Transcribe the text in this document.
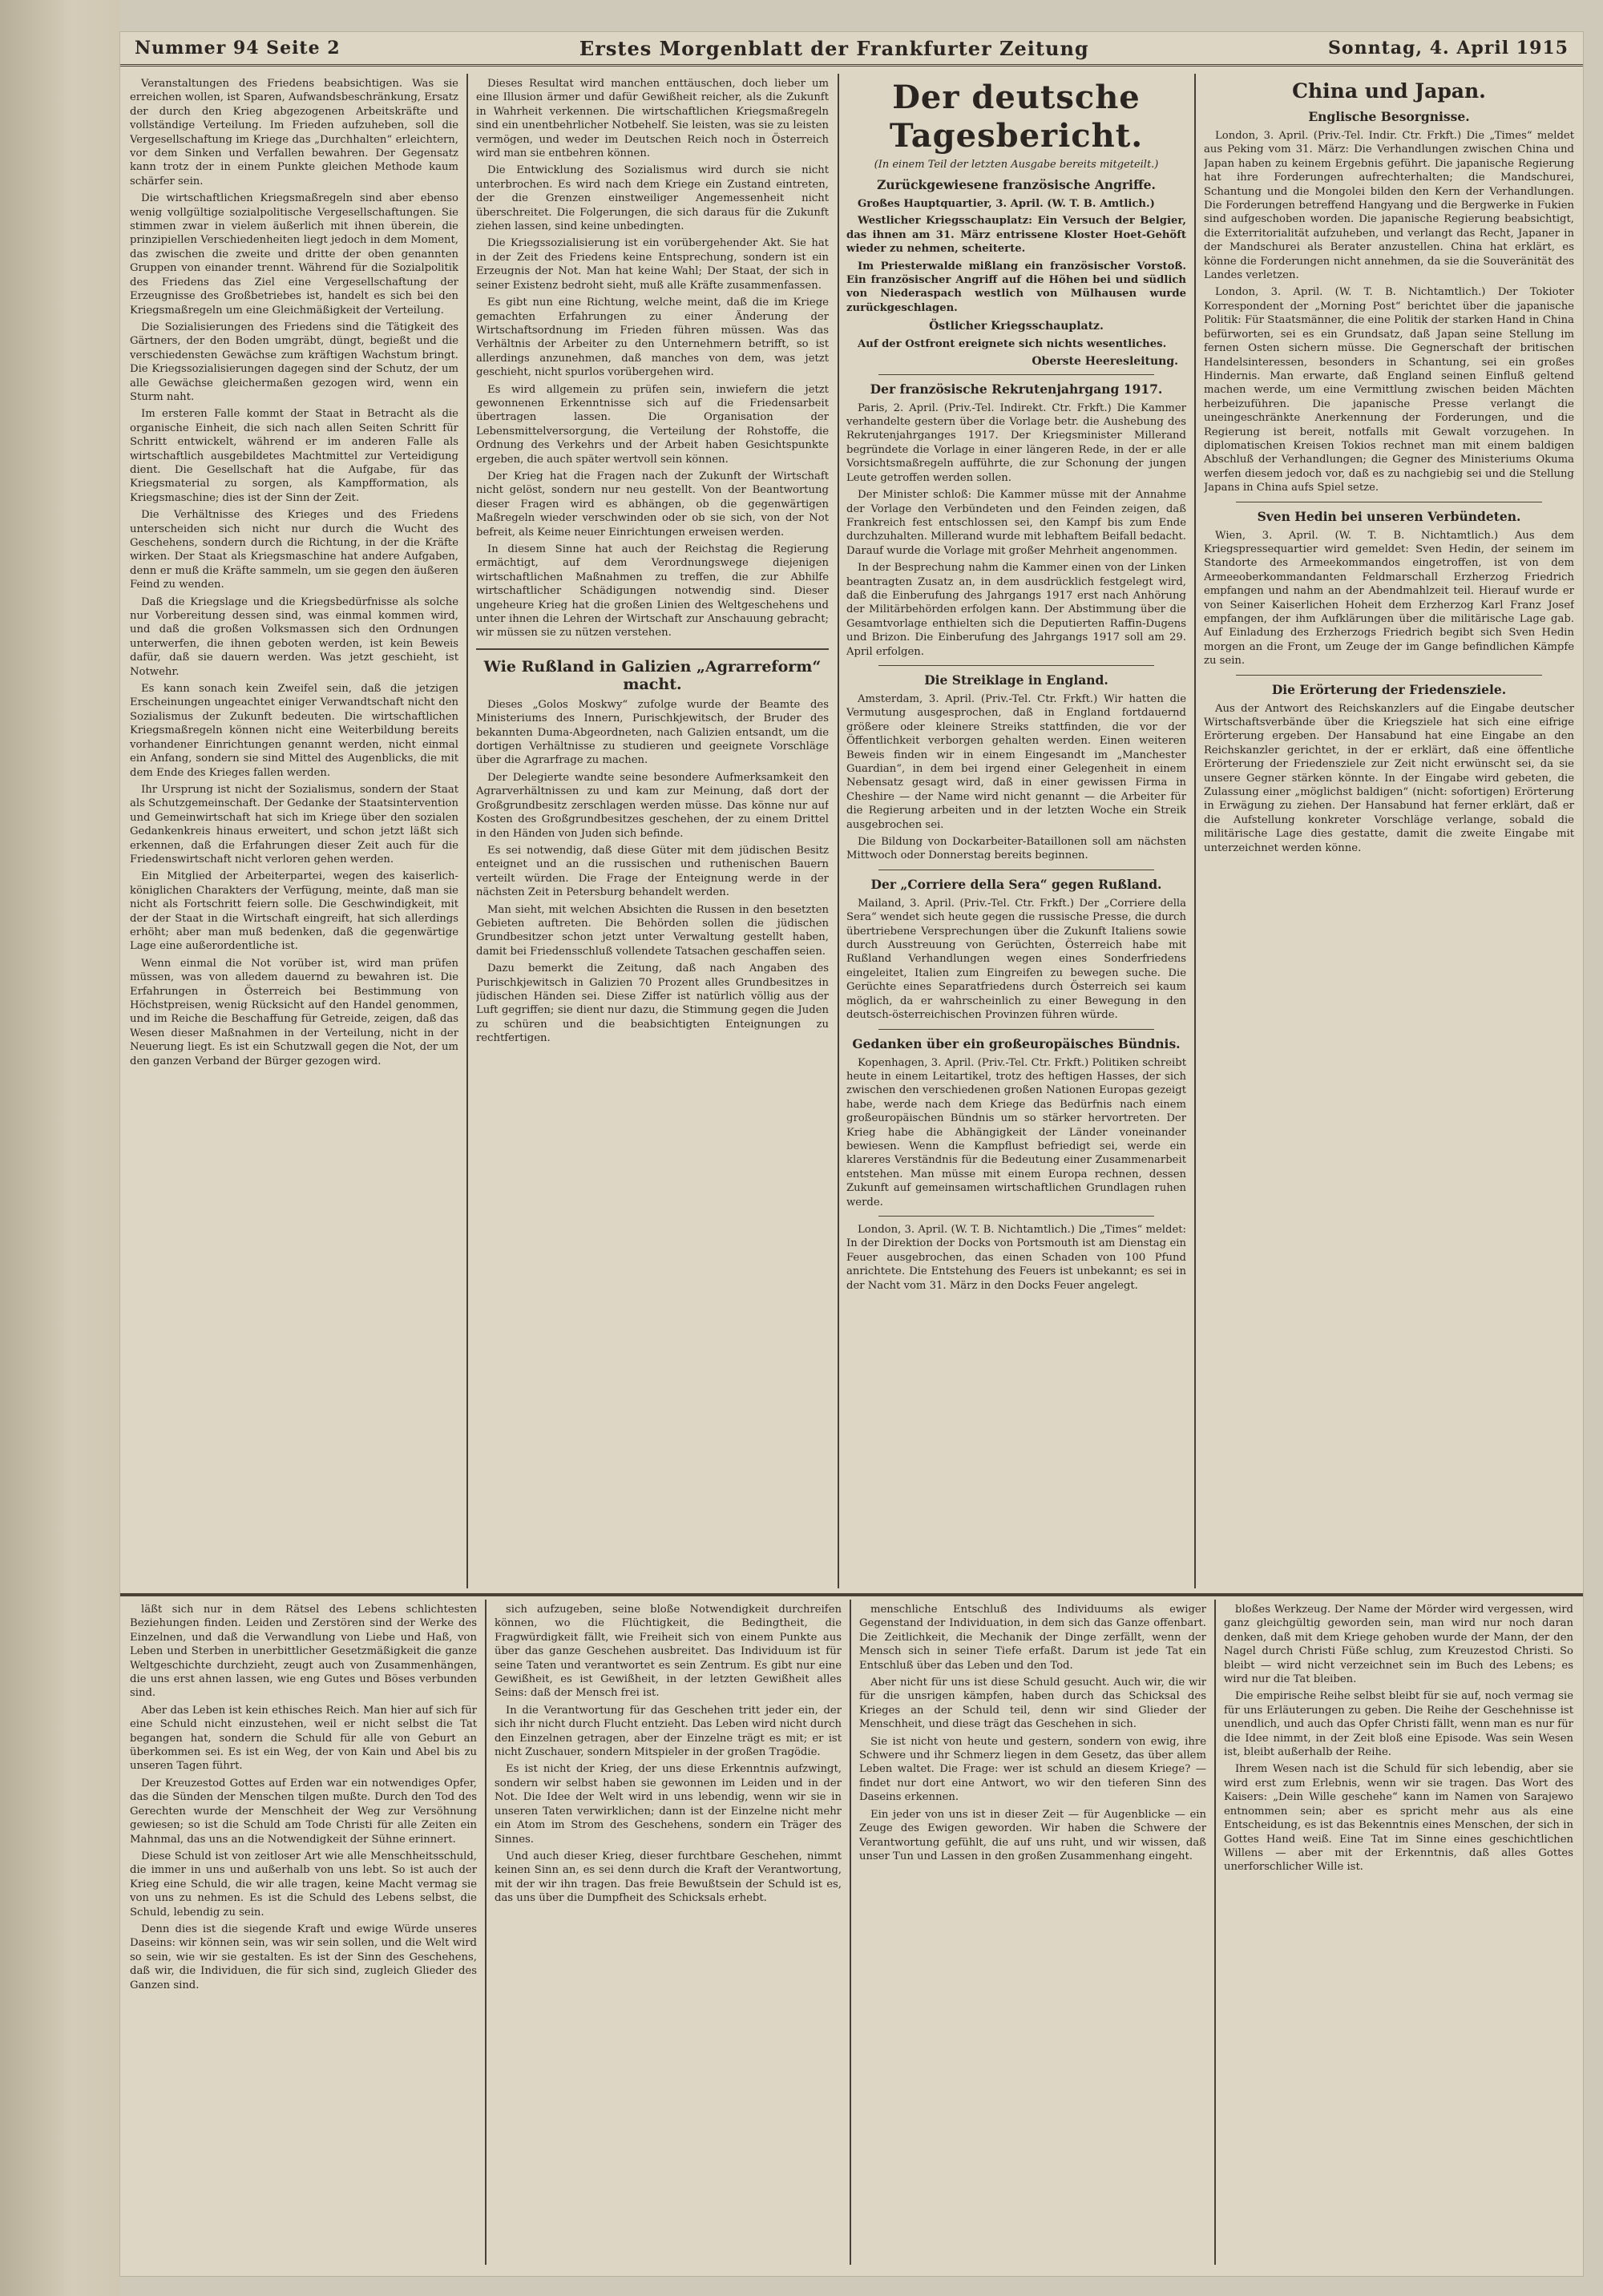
Nummer 94 Seite 2	Erstes Morgenblatt der Frankfurter Zeitung	Sonntag, 4. April 1915

Veranstaltungen des Friedens beabsichtigen. Was sie erreichen wollen, ist Sparen, Aufwandsbeschränkung, Ersatz der durch den Krieg abgezogenen Arbeitskräfte und vollständige Verteilung. Im Frieden aufzuheben, soll die Vergesellschaftung im Kriege das „Durchhalten“ erleichtern, vor dem Sinken und Verfallen bewahren. Der Gegensatz kann trotz der in einem Punkte gleichen Methode kaum schärfer sein.

Die wirtschaftlichen Kriegsmaßregeln sind aber ebenso wenig vollgültige sozialpolitische Vergesellschaftungen. Sie stimmen zwar in vielem äußerlich mit ihnen überein, die prinzipiellen Verschiedenheiten liegt jedoch in dem Moment, das zwischen die zweite und dritte der oben genannten Gruppen von einander trennt. Während für die Sozialpolitik des Friedens das Ziel eine Vergesellschaftung der Erzeugnisse des Großbetriebes ist, handelt es sich bei den Kriegsmaßregeln um eine Gleichmäßigkeit der Verteilung.

Die Sozialisierungen des Friedens sind die Tätigkeit des Gärtners, der den Boden umgräbt, düngt, begießt und die verschiedensten Gewächse zum kräftigen Wachstum bringt. Die Kriegssozialisierungen dagegen sind der Schutz, der um alle Gewächse gleichermaßen gezogen wird, wenn ein Sturm naht.

Im ersteren Falle kommt der Staat in Betracht als die organische Einheit, die sich nach allen Seiten Schritt für Schritt entwickelt, während er im anderen Falle als wirtschaftlich ausgebildetes Machtmittel zur Verteidigung dient. Die Gesellschaft hat die Aufgabe, für das Kriegsmaterial zu sorgen, als Kampfformation, als Kriegsmaschine; dies ist der Sinn der Zeit.

Die Verhältnisse des Krieges und des Friedens unterscheiden sich nicht nur durch die Wucht des Geschehens, sondern durch die Richtung, in der die Kräfte wirken. Der Staat als Kriegsmaschine hat andere Aufgaben, denn er muß die Kräfte sammeln, um sie gegen den äußeren Feind zu wenden.

Daß die Kriegslage und die Kriegsbedürfnisse als solche nur Vorbereitung dessen sind, was einmal kommen wird, und daß die großen Volksmassen sich den Ordnungen unterwerfen, die ihnen geboten werden, ist kein Beweis dafür, daß sie dauern werden. Was jetzt geschieht, ist Notwehr.

Es kann sonach kein Zweifel sein, daß die jetzigen Erscheinungen ungeachtet einiger Verwandtschaft nicht den Sozialismus der Zukunft bedeuten. Die wirtschaftlichen Kriegsmaßregeln können nicht eine Weiterbildung bereits vorhandener Einrichtungen genannt werden, nicht einmal ein Anfang, sondern sie sind Mittel des Augenblicks, die mit dem Ende des Krieges fallen werden.

Ihr Ursprung ist nicht der Sozialismus, sondern der Staat als Schutzgemeinschaft. Der Gedanke der Staatsintervention und Gemeinwirtschaft hat sich im Kriege über den sozialen Gedankenkreis hinaus erweitert, und schon jetzt läßt sich erkennen, daß die Erfahrungen dieser Zeit auch für die Friedenswirtschaft nicht verloren gehen werden.

Ein Mitglied der Arbeiterpartei, wegen des kaiserlich-königlichen Charakters der Verfügung, meinte, daß man sie nicht als Fortschritt feiern solle. Die Geschwindigkeit, mit der der Staat in die Wirtschaft eingreift, hat sich allerdings erhöht; aber man muß bedenken, daß die gegenwärtige Lage eine außerordentliche ist.

Wenn einmal die Not vorüber ist, wird man prüfen müssen, was von alledem dauernd zu bewahren ist. Die Erfahrungen in Österreich bei Bestimmung von Höchstpreisen, wenig Rücksicht auf den Handel genommen, und im Reiche die Beschaffung für Getreide, zeigen, daß das Wesen dieser Maßnahmen in der Verteilung, nicht in der Neuerung liegt. Es ist ein Schutzwall gegen die Not, der um den ganzen Verband der Bürger gezogen wird.

Dieses Resultat wird manchen enttäuschen, doch lieber um eine Illusion ärmer und dafür Gewißheit reicher, als die Zukunft in Wahrheit verkennen. Die wirtschaftlichen Kriegsmaßregeln sind ein unentbehrlicher Notbehelf. Sie leisten, was sie zu leisten vermögen, und weder im Deutschen Reich noch in Österreich wird man sie entbehren können.

Die Entwicklung des Sozialismus wird durch sie nicht unterbrochen. Es wird nach dem Kriege ein Zustand eintreten, der die Grenzen einstweiliger Angemessenheit nicht überschreitet. Die Folgerungen, die sich daraus für die Zukunft ziehen lassen, sind keine unbedingten.

Die Kriegssozialisierung ist ein vorübergehender Akt. Sie hat in der Zeit des Friedens keine Entsprechung, sondern ist ein Erzeugnis der Not. Man hat keine Wahl; Der Staat, der sich in seiner Existenz bedroht sieht, muß alle Kräfte zusammenfassen.

Es gibt nun eine Richtung, welche meint, daß die im Kriege gemachten Erfahrungen zu einer Änderung der Wirtschaftsordnung im Frieden führen müssen. Was das Verhältnis der Arbeiter zu den Unternehmern betrifft, so ist allerdings anzunehmen, daß manches von dem, was jetzt geschieht, nicht spurlos vorübergehen wird.

Es wird allgemein zu prüfen sein, inwiefern die jetzt gewonnenen Erkenntnisse sich auf die Friedensarbeit übertragen lassen. Die Organisation der Lebensmittelversorgung, die Verteilung der Rohstoffe, die Ordnung des Verkehrs und der Arbeit haben Gesichtspunkte ergeben, die auch später wertvoll sein können.

Der Krieg hat die Fragen nach der Zukunft der Wirtschaft nicht gelöst, sondern nur neu gestellt. Von der Beantwortung dieser Fragen wird es abhängen, ob die gegenwärtigen Maßregeln wieder verschwinden oder ob sie sich, von der Not befreit, als Keime neuer Einrichtungen erweisen werden.

In diesem Sinne hat auch der Reichstag die Regierung ermächtigt, auf dem Verordnungswege diejenigen wirtschaftlichen Maßnahmen zu treffen, die zur Abhilfe wirtschaftlicher Schädigungen notwendig sind. Dieser ungeheure Krieg hat die großen Linien des Weltgeschehens und unter ihnen die Lehren der Wirtschaft zur Anschauung gebracht; wir müssen sie zu nützen verstehen.

Wie Rußland in Galizien „Agrarreform“ macht.

Dieses „Golos Moskwy“ zufolge wurde der Beamte des Ministeriums des Innern, Purischkjewitsch, der Bruder des bekannten Duma-Abgeordneten, nach Galizien entsandt, um die dortigen Verhältnisse zu studieren und geeignete Vorschläge über die Agrarfrage zu machen.

Der Delegierte wandte seine besondere Aufmerksamkeit den Agrarverhältnissen zu und kam zur Meinung, daß dort der Großgrundbesitz zerschlagen werden müsse. Das könne nur auf Kosten des Großgrundbesitzes geschehen, der zu einem Drittel in den Händen von Juden sich befinde.

Es sei notwendig, daß diese Güter mit dem jüdischen Besitz enteignet und an die russischen und ruthenischen Bauern verteilt würden. Die Frage der Enteignung werde in der nächsten Zeit in Petersburg behandelt werden.

Man sieht, mit welchen Absichten die Russen in den besetzten Gebieten auftreten. Die Behörden sollen die jüdischen Grundbesitzer schon jetzt unter Verwaltung gestellt haben, damit bei Friedensschluß vollendete Tatsachen geschaffen seien.

Dazu bemerkt die Zeitung, daß nach Angaben des Purischkjewitsch in Galizien 70 Prozent alles Grundbesitzes in jüdischen Händen sei. Diese Ziffer ist natürlich völlig aus der Luft gegriffen; sie dient nur dazu, die Stimmung gegen die Juden zu schüren und die beabsichtigten Enteignungen zu rechtfertigen.

Der deutsche Tagesbericht.
(In einem Teil der letzten Ausgabe bereits mitgeteilt.)
Zurückgewiesene französische Angriffe.

Großes Hauptquartier, 3. April. (W. T. B. Amtlich.)

Westlicher Kriegsschauplatz: Ein Versuch der Belgier, das ihnen am 31. März entrissene Kloster Hoet-Gehöft wieder zu nehmen, scheiterte.

Im Priesterwalde mißlang ein französischer Vorstoß. Ein französischer Angriff auf die Höhen bei und südlich von Niederaspach westlich von Mülhausen wurde zurückgeschlagen.

Östlicher Kriegsschauplatz.

Auf der Ostfront ereignete sich nichts wesentliches.

Oberste Heeresleitung.
Der französische Rekrutenjahrgang 1917.

Paris, 2. April. (Priv.-Tel. Indirekt. Ctr. Frkft.) Die Kammer verhandelte gestern über die Vorlage betr. die Aushebung des Rekrutenjahrganges 1917. Der Kriegsminister Millerand begründete die Vorlage in einer längeren Rede, in der er alle Vorsichtsmaßregeln aufführte, die zur Schonung der jungen Leute getroffen werden sollen.

Der Minister schloß: Die Kammer müsse mit der Annahme der Vorlage den Verbündeten und den Feinden zeigen, daß Frankreich fest entschlossen sei, den Kampf bis zum Ende durchzuhalten. Millerand wurde mit lebhaftem Beifall bedacht. Darauf wurde die Vorlage mit großer Mehrheit angenommen.

In der Besprechung nahm die Kammer einen von der Linken beantragten Zusatz an, in dem ausdrücklich festgelegt wird, daß die Einberufung des Jahrgangs 1917 erst nach Anhörung der Militärbehörden erfolgen kann. Der Abstimmung über die Gesamtvorlage enthielten sich die Deputierten Raffin-Dugens und Brizon. Die Einberufung des Jahrgangs 1917 soll am 29. April erfolgen.

Die Streiklage in England.

Amsterdam, 3. April. (Priv.-Tel. Ctr. Frkft.) Wir hatten die Vermutung ausgesprochen, daß in England fortdauernd größere oder kleinere Streiks stattfinden, die vor der Öffentlichkeit verborgen gehalten werden. Einen weiteren Beweis finden wir in einem Eingesandt im „Manchester Guardian“, in dem bei irgend einer Gelegenheit in einem Nebensatz gesagt wird, daß in einer gewissen Firma in Cheshire — der Name wird nicht genannt — die Arbeiter für die Regierung arbeiten und in der letzten Woche ein Streik ausgebrochen sei.

Die Bildung von Dockarbeiter-Bataillonen soll am nächsten Mittwoch oder Donnerstag bereits beginnen.

Der „Corriere della Sera“ gegen Rußland.

Mailand, 3. April. (Priv.-Tel. Ctr. Frkft.) Der „Corriere della Sera“ wendet sich heute gegen die russische Presse, die durch übertriebene Versprechungen über die Zukunft Italiens sowie durch Ausstreuung von Gerüchten, Österreich habe mit Rußland Verhandlungen wegen eines Sonderfriedens eingeleitet, Italien zum Eingreifen zu bewegen suche. Die Gerüchte eines Separatfriedens durch Österreich sei kaum möglich, da er wahrscheinlich zu einer Bewegung in den deutsch-österreichischen Provinzen führen würde.

Gedanken über ein großeuropäisches Bündnis.

Kopenhagen, 3. April. (Priv.-Tel. Ctr. Frkft.) Politiken schreibt heute in einem Leitartikel, trotz des heftigen Hasses, der sich zwischen den verschiedenen großen Nationen Europas gezeigt habe, werde nach dem Kriege das Bedürfnis nach einem großeuropäischen Bündnis um so stärker hervortreten. Der Krieg habe die Abhängigkeit der Länder voneinander bewiesen. Wenn die Kampflust befriedigt sei, werde ein klareres Verständnis für die Bedeutung einer Zusammenarbeit entstehen. Man müsse mit einem Europa rechnen, dessen Zukunft auf gemeinsamen wirtschaftlichen Grundlagen ruhen werde.

London, 3. April. (W. T. B. Nichtamtlich.) Die „Times“ meldet: In der Direktion der Docks von Portsmouth ist am Dienstag ein Feuer ausgebrochen, das einen Schaden von 100 Pfund anrichtete. Die Entstehung des Feuers ist unbekannt; es sei in der Nacht vom 31. März in den Docks Feuer angelegt.

China und Japan.
Englische Besorgnisse.

London, 3. April. (Priv.-Tel. Indir. Ctr. Frkft.) Die „Times“ meldet aus Peking vom 31. März: Die Verhandlungen zwischen China und Japan haben zu keinem Ergebnis geführt. Die japanische Regierung hat ihre Forderungen aufrechterhalten; die Mandschurei, Schantung und die Mongolei bilden den Kern der Verhandlungen. Die Forderungen betreffend Hangyang und die Bergwerke in Fukien sind aufgeschoben worden. Die japanische Regierung beabsichtigt, die Exterritorialität aufzuheben, und verlangt das Recht, Japaner in der Mandschurei als Berater anzustellen. China hat erklärt, es könne die Forderungen nicht annehmen, da sie die Souveränität des Landes verletzen.

London, 3. April. (W. T. B. Nichtamtlich.) Der Tokioter Korrespondent der „Morning Post“ berichtet über die japanische Politik: Für Staatsmänner, die eine Politik der starken Hand in China befürworten, sei es ein Grundsatz, daß Japan seine Stellung im fernen Osten sichern müsse. Die Gegnerschaft der britischen Handelsinteressen, besonders in Schantung, sei ein großes Hindernis. Man erwarte, daß England seinen Einfluß geltend machen werde, um eine Vermittlung zwischen beiden Mächten herbeizuführen. Die japanische Presse verlangt die uneingeschränkte Anerkennung der Forderungen, und die Regierung ist bereit, notfalls mit Gewalt vorzugehen. In diplomatischen Kreisen Tokios rechnet man mit einem baldigen Abschluß der Verhandlungen; die Gegner des Ministeriums Okuma werfen diesem jedoch vor, daß es zu nachgiebig sei und die Stellung Japans in China aufs Spiel setze.

Sven Hedin bei unseren Verbündeten.

Wien, 3. April. (W. T. B. Nichtamtlich.) Aus dem Kriegspressequartier wird gemeldet: Sven Hedin, der seinem im Standorte des Armeekommandos eingetroffen, ist von dem Armeeoberkommandanten Feldmarschall Erzherzog Friedrich empfangen und nahm an der Abendmahlzeit teil. Hierauf wurde er von Seiner Kaiserlichen Hoheit dem Erzherzog Karl Franz Josef empfangen, der ihm Aufklärungen über die militärische Lage gab. Auf Einladung des Erzherzogs Friedrich begibt sich Sven Hedin morgen an die Front, um Zeuge der im Gange befindlichen Kämpfe zu sein.

Die Erörterung der Friedensziele.

Aus der Antwort des Reichskanzlers auf die Eingabe deutscher Wirtschaftsverbände über die Kriegsziele hat sich eine eifrige Erörterung ergeben. Der Hansabund hat eine Eingabe an den Reichskanzler gerichtet, in der er erklärt, daß eine öffentliche Erörterung der Friedensziele zur Zeit nicht erwünscht sei, da sie unsere Gegner stärken könnte. In der Eingabe wird gebeten, die Zulassung einer „möglichst baldigen“ (nicht: sofortigen) Erörterung in Erwägung zu ziehen. Der Hansabund hat ferner erklärt, daß er die Aufstellung konkreter Vorschläge verlange, sobald die militärische Lage dies gestatte, damit die zweite Eingabe mit unterzeichnet werden könne.

läßt sich nur in dem Rätsel des Lebens schlichtesten Beziehungen finden. Leiden und Zerstören sind der Werke des Einzelnen, und daß die Verwandlung von Liebe und Haß, von Leben und Sterben in unerbittlicher Gesetzmäßigkeit die ganze Weltgeschichte durchzieht, zeugt auch von Zusammenhängen, die uns erst ahnen lassen, wie eng Gutes und Böses verbunden sind.

Aber das Leben ist kein ethisches Reich. Man hier auf sich für eine Schuld nicht einzustehen, weil er nicht selbst die Tat begangen hat, sondern die Schuld für alle von Geburt an überkommen sei. Es ist ein Weg, der von Kain und Abel bis zu unseren Tagen führt.

Der Kreuzestod Gottes auf Erden war ein notwendiges Opfer, das die Sünden der Menschen tilgen mußte. Durch den Tod des Gerechten wurde der Menschheit der Weg zur Versöhnung gewiesen; so ist die Schuld am Tode Christi für alle Zeiten ein Mahnmal, das uns an die Notwendigkeit der Sühne erinnert.

Diese Schuld ist von zeitloser Art wie alle Menschheitsschuld, die immer in uns und außerhalb von uns lebt. So ist auch der Krieg eine Schuld, die wir alle tragen, keine Macht vermag sie von uns zu nehmen. Es ist die Schuld des Lebens selbst, die Schuld, lebendig zu sein.

Denn dies ist die siegende Kraft und ewige Würde unseres Daseins: wir können sein, was wir sein sollen, und die Welt wird so sein, wie wir sie gestalten. Es ist der Sinn des Geschehens, daß wir, die Individuen, die für sich sind, zugleich Glieder des Ganzen sind.

sich aufzugeben, seine bloße Notwendigkeit durchreifen können, wo die Flüchtigkeit, die Bedingtheit, die Fragwürdigkeit fällt, wie Freiheit sich von einem Punkte aus über das ganze Geschehen ausbreitet. Das Individuum ist für seine Taten und verantwortet es sein Zentrum. Es gibt nur eine Gewißheit, es ist Gewißheit, in der letzten Gewißheit alles Seins: daß der Mensch frei ist.

In die Verantwortung für das Geschehen tritt jeder ein, der sich ihr nicht durch Flucht entzieht. Das Leben wird nicht durch den Einzelnen getragen, aber der Einzelne trägt es mit; er ist nicht Zuschauer, sondern Mitspieler in der großen Tragödie.

Es ist nicht der Krieg, der uns diese Erkenntnis aufzwingt, sondern wir selbst haben sie gewonnen im Leiden und in der Not. Die Idee der Welt wird in uns lebendig, wenn wir sie in unseren Taten verwirklichen; dann ist der Einzelne nicht mehr ein Atom im Strom des Geschehens, sondern ein Träger des Sinnes.

Und auch dieser Krieg, dieser furchtbare Geschehen, nimmt keinen Sinn an, es sei denn durch die Kraft der Verantwortung, mit der wir ihn tragen. Das freie Bewußtsein der Schuld ist es, das uns über die Dumpfheit des Schicksals erhebt.

menschliche Entschluß des Individuums als ewiger Gegenstand der Individuation, in dem sich das Ganze offenbart. Die Zeitlichkeit, die Mechanik der Dinge zerfällt, wenn der Mensch sich in seiner Tiefe erfaßt. Darum ist jede Tat ein Entschluß über das Leben und den Tod.

Aber nicht für uns ist diese Schuld gesucht. Auch wir, die wir für die unsrigen kämpfen, haben durch das Schicksal des Krieges an der Schuld teil, denn wir sind Glieder der Menschheit, und diese trägt das Geschehen in sich.

Sie ist nicht von heute und gestern, sondern von ewig, ihre Schwere und ihr Schmerz liegen in dem Gesetz, das über allem Leben waltet. Die Frage: wer ist schuld an diesem Kriege? — findet nur dort eine Antwort, wo wir den tieferen Sinn des Daseins erkennen.

Ein jeder von uns ist in dieser Zeit — für Augenblicke — ein Zeuge des Ewigen geworden. Wir haben die Schwere der Verantwortung gefühlt, die auf uns ruht, und wir wissen, daß unser Tun und Lassen in den großen Zusammenhang eingeht.

bloßes Werkzeug. Der Name der Mörder wird vergessen, wird ganz gleichgültig geworden sein, man wird nur noch daran denken, daß mit dem Kriege gehoben wurde der Mann, der den Nagel durch Christi Füße schlug, zum Kreuzestod Christi. So bleibt — wird nicht verzeichnet sein im Buch des Lebens; es wird nur die Tat bleiben.

Die empirische Reihe selbst bleibt für sie auf, noch vermag sie für uns Erläuterungen zu geben. Die Reihe der Geschehnisse ist unendlich, und auch das Opfer Christi fällt, wenn man es nur für die Idee nimmt, in der Zeit bloß eine Episode. Was sein Wesen ist, bleibt außerhalb der Reihe.

Ihrem Wesen nach ist die Schuld für sich lebendig, aber sie wird erst zum Erlebnis, wenn wir sie tragen. Das Wort des Kaisers: „Dein Wille geschehe“ kann im Namen von Sarajewo entnommen sein; aber es spricht mehr aus als eine Entscheidung, es ist das Bekenntnis eines Menschen, der sich in Gottes Hand weiß. Eine Tat im Sinne eines geschichtlichen Willens — aber mit der Erkenntnis, daß alles Gottes unerforschlicher Wille ist.
